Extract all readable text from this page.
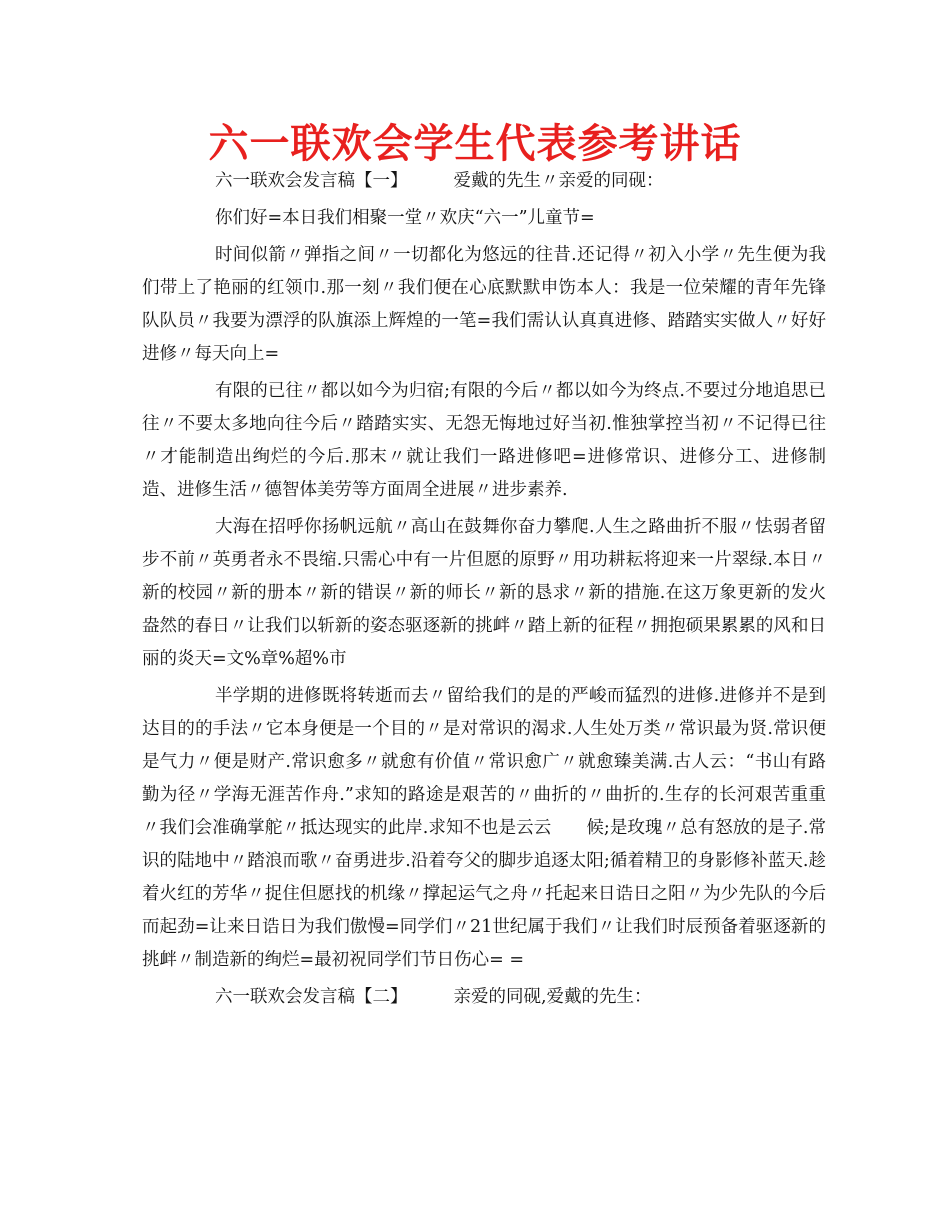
六一联欢会学生代表参考讲话

六一联欢会发言稿【一】	爱戴的先生〃亲爱的同砚：

你们好=本日我们相聚一堂〃欢庆“六一”儿童节=

时间似箭〃弹指之间〃一切都化为悠远的往昔.还记得〃初入小学〃先生便为我们带上了艳丽的红领巾.那一刻〃我们便在心底默默申饬本人：我是一位荣耀的青年先锋队队员〃我要为漂浮的队旗添上辉煌的一笔=我们需认认真真进修、踏踏实实做人〃好好进修〃每天向上=

有限的已往〃都以如今为归宿;有限的今后〃都以如今为终点.不要过分地追思已往〃不要太多地向往今后〃踏踏实实、无怨无悔地过好当初.惟独掌控当初〃不记得已往〃才能制造出绚烂的今后.那末〃就让我们一路进修吧=进修常识、进修分工、进修制造、进修生活〃德智体美劳等方面周全进展〃进步素养.

大海在招呼你扬帆远航〃高山在鼓舞你奋力攀爬.人生之路曲折不服〃怯弱者留步不前〃英勇者永不畏缩.只需心中有一片但愿的原野〃用功耕耘将迎来一片翠绿.本日〃新的校园〃新的册本〃新的错误〃新的师长〃新的恳求〃新的措施.在这万象更新的发火盎然的春日〃让我们以斩新的姿态驱逐新的挑衅〃踏上新的征程〃拥抱硕果累累的风和日丽的炎天=文%章%超%市

半学期的进修既将转逝而去〃留给我们的是的严峻而猛烈的进修.进修并不是到达目的的手法〃它本身便是一个目的〃是对常识的渴求.人生处万类〃常识最为贤.常识便是气力〃便是财产.常识愈多〃就愈有价值〃常识愈广〃就愈臻美满.古人云：“书山有路勤为径〃学海无涯苦作舟.”求知的路途是艰苦的〃曲折的〃曲折的.生存的长河艰苦重重〃我们会准确掌舵〃抵达现实的此岸.求知不也是云云　　候;是玫瑰〃总有怒放的是子.常识的陆地中〃踏浪而歌〃奋勇进步.沿着夸父的脚步追逐太阳;循着精卫的身影修补蓝天.趁着火红的芳华〃捉住但愿找的机缘〃撑起运气之舟〃托起来日诰日之阳〃为少先队的今后而起劲=让来日诰日为我们傲慢=同学们〃21世纪属于我们〃让我们时辰预备着驱逐新的挑衅〃制造新的绚烂=最初祝同学们节日伤心= =

六一联欢会发言稿【二】	亲爱的同砚,爱戴的先生：
